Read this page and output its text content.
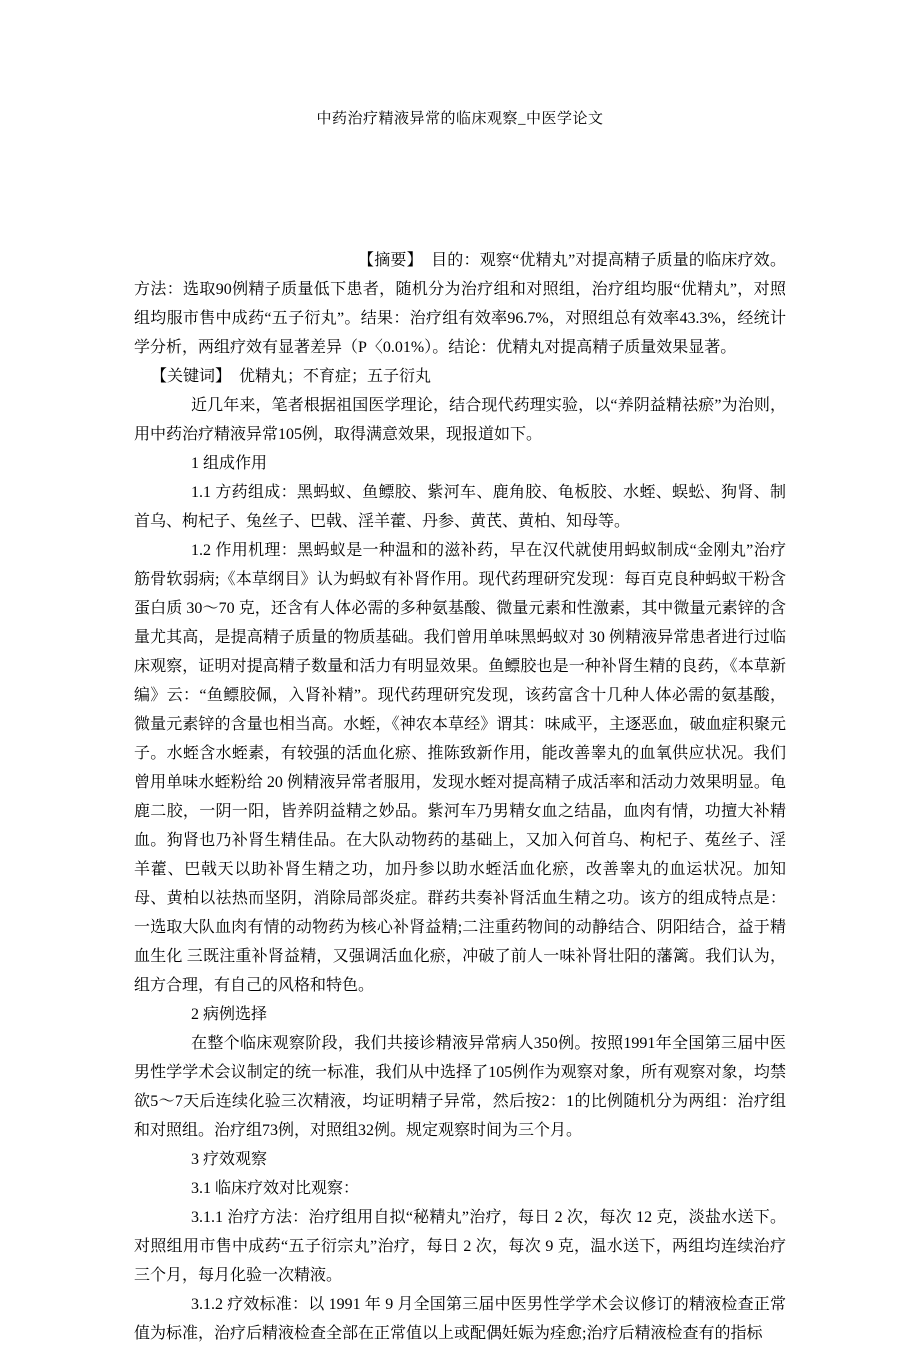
中药治疗精液异常的临床观察_中医学论文

【摘要】　目的：观察“优精丸”对提高精子质量的临床疗效。方法：选取90例精子质量低下患者，随机分为治疗组和对照组，治疗组均服“优精丸”，对照组均服市售中成药“五子衍丸”。结果：治疗组有效率96.7%，对照组总有效率43.3%，经统计学分析，两组疗效有显著差异（P〈0.01%）。结论：优精丸对提高精子质量效果显著。

【关键词】　优精丸；不育症；五子衍丸

近几年来，笔者根据祖国医学理论，结合现代药理实验，以“养阴益精祛瘀”为治则，用中药治疗精液异常105例，取得满意效果，现报道如下。

1 组成作用

1.1 方药组成：黑蚂蚁、鱼鳔胶、紫河车、鹿角胶、龟板胶、水蛭、蜈蚣、狗肾、制首乌、枸杞子、兔丝子、巴戟、淫羊藿、丹参、黄芪、黄柏、知母等。

1.2 作用机理：黑蚂蚁是一种温和的滋补药，早在汉代就使用蚂蚁制成“金刚丸”治疗筋骨软弱病;《本草纲目》认为蚂蚁有补肾作用。现代药理研究发现：每百克良种蚂蚁干粉含蛋白质 30～70 克，还含有人体必需的多种氨基酸、微量元素和性激素，其中微量元素锌的含量尤其高，是提高精子质量的物质基础。我们曾用单味黑蚂蚁对 30 例精液异常患者进行过临床观察，证明对提高精子数量和活力有明显效果。鱼鳔胶也是一种补肾生精的良药，《本草新编》云：“鱼鳔胶佩，入肾补精”。现代药理研究发现，该药富含十几种人体必需的氨基酸，微量元素锌的含量也相当高。水蛭，《神农本草经》谓其：味咸平，主逐恶血，破血症积聚元子。水蛭含水蛭素，有较强的活血化瘀、推陈致新作用，能改善睾丸的血氧供应状况。我们曾用单味水蛭粉给 20 例精液异常者服用，发现水蛭对提高精子成活率和活动力效果明显。龟鹿二胶，一阴一阳，皆养阴益精之妙品。紫河车乃男精女血之结晶，血肉有情，功擅大补精血。狗肾也乃补肾生精佳品。在大队动物药的基础上，又加入何首乌、枸杞子、菟丝子、淫羊藿、巴戟天以助补肾生精之功，加丹参以助水蛭活血化瘀，改善睾丸的血运状况。加知母、黄柏以祛热而坚阴，消除局部炎症。群药共奏补肾活血生精之功。该方的组成特点是：一选取大队血肉有情的动物药为核心补肾益精;二注重药物间的动静结合、阴阳结合，益于精血生化 三既注重补肾益精，又强调活血化瘀，冲破了前人一味补肾壮阳的藩篱。我们认为，组方合理，有自己的风格和特色。

2 病例选择

在整个临床观察阶段，我们共接诊精液异常病人350例。按照1991年全国第三届中医男性学学术会议制定的统一标准，我们从中选择了105例作为观察对象，所有观察对象，均禁欲5～7天后连续化验三次精液，均证明精子异常，然后按2：1的比例随机分为两组：治疗组和对照组。治疗组73例，对照组32例。规定观察时间为三个月。

3 疗效观察

3.1 临床疗效对比观察：

3.1.1 治疗方法：治疗组用自拟“秘精丸”治疗，每日 2 次，每次 12 克，淡盐水送下。对照组用市售中成药“五子衍宗丸”治疗，每日 2 次，每次 9 克，温水送下，两组均连续治疗三个月，每月化验一次精液。

3.1.2 疗效标准：以 1991 年 9 月全国第三届中医男性学学术会议修订的精液检查正常值为标准，治疗后精液检查全部在正常值以上或配偶妊娠为痊愈;治疗后精液检查有的指标
